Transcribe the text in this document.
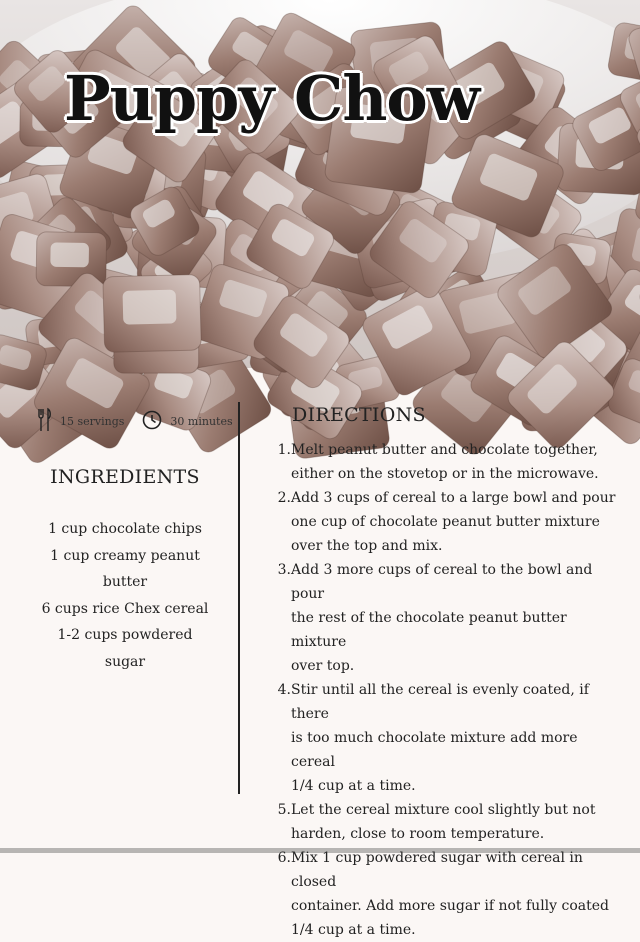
Puppy Chow
15 servings	30 minutes
INGREDIENTS
1 cup chocolate chips
1 cup creamy peanut
butter
6 cups rice Chex cereal
1-2 cups powdered
sugar
DIRECTIONS
1. Melt peanut butter and chocolate together,
either on the stovetop or in the microwave.
2. Add 3 cups of cereal to a large bowl and pour
one cup of chocolate peanut butter mixture
over the top and mix.
3. Add 3 more cups of cereal to the bowl and pour
the rest of the chocolate peanut butter mixture
over top.
4. Stir until all the cereal is evenly coated, if there
is too much chocolate mixture add more cereal
1/4 cup at a time.
5. Let the cereal mixture cool slightly but not
harden, close to room temperature.
6. Mix 1 cup powdered sugar with cereal in closed
container. Add more sugar if not fully coated
1/4 cup at a time.
